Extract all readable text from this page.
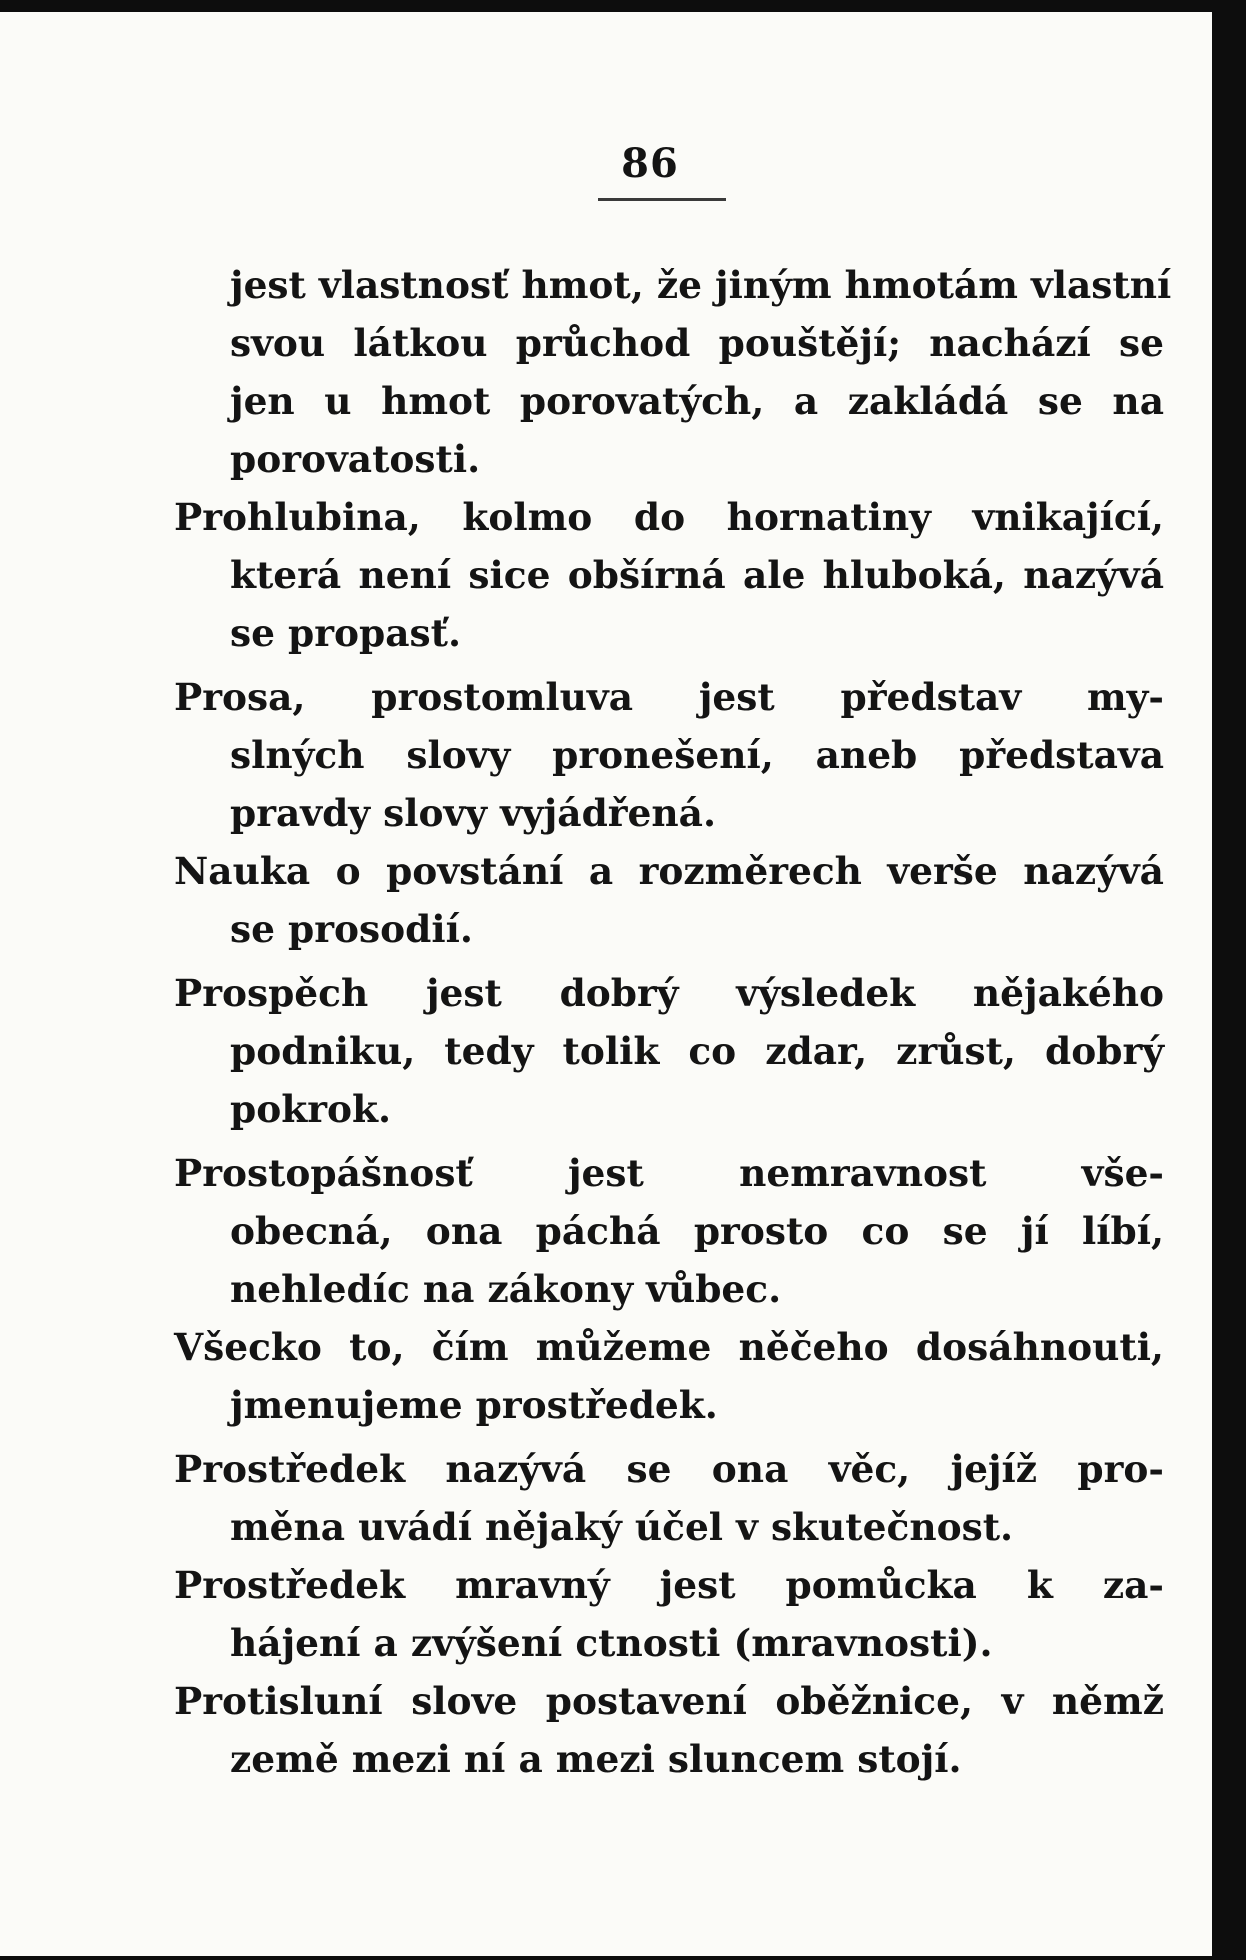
86
jest vlastnosť hmot, že jiným hmotám vlastní
svou látkou průchod pouštějí; nachází se
jen u hmot porovatých, a zakládá se na
porovatosti.
Prohlubina, kolmo do hornatiny vnikající,
která není sice obšírná ale hluboká, nazývá
se propasť.
Prosa, prostomluva jest představ my-
slných slovy pronešení, aneb představa
pravdy slovy vyjádřená.
Nauka o povstání a rozměrech verše nazývá
se prosodií.
Prospěch jest dobrý výsledek nějakého
podniku, tedy tolik co zdar, zrůst, dobrý
pokrok.
Prostopášnosť jest nemravnost vše-
obecná, ona páchá prosto co se jí líbí,
nehledíc na zákony vůbec.
Všecko to, čím můžeme něčeho dosáhnouti,
jmenujeme prostředek.
Prostředek nazývá se ona věc, jejíž pro-
měna uvádí nějaký účel v skutečnost.
Prostředek mravný jest pomůcka k za-
hájení a zvýšení ctnosti (mravnosti).
Protisluní slove postavení oběžnice, v němž
země mezi ní a mezi sluncem stojí.
